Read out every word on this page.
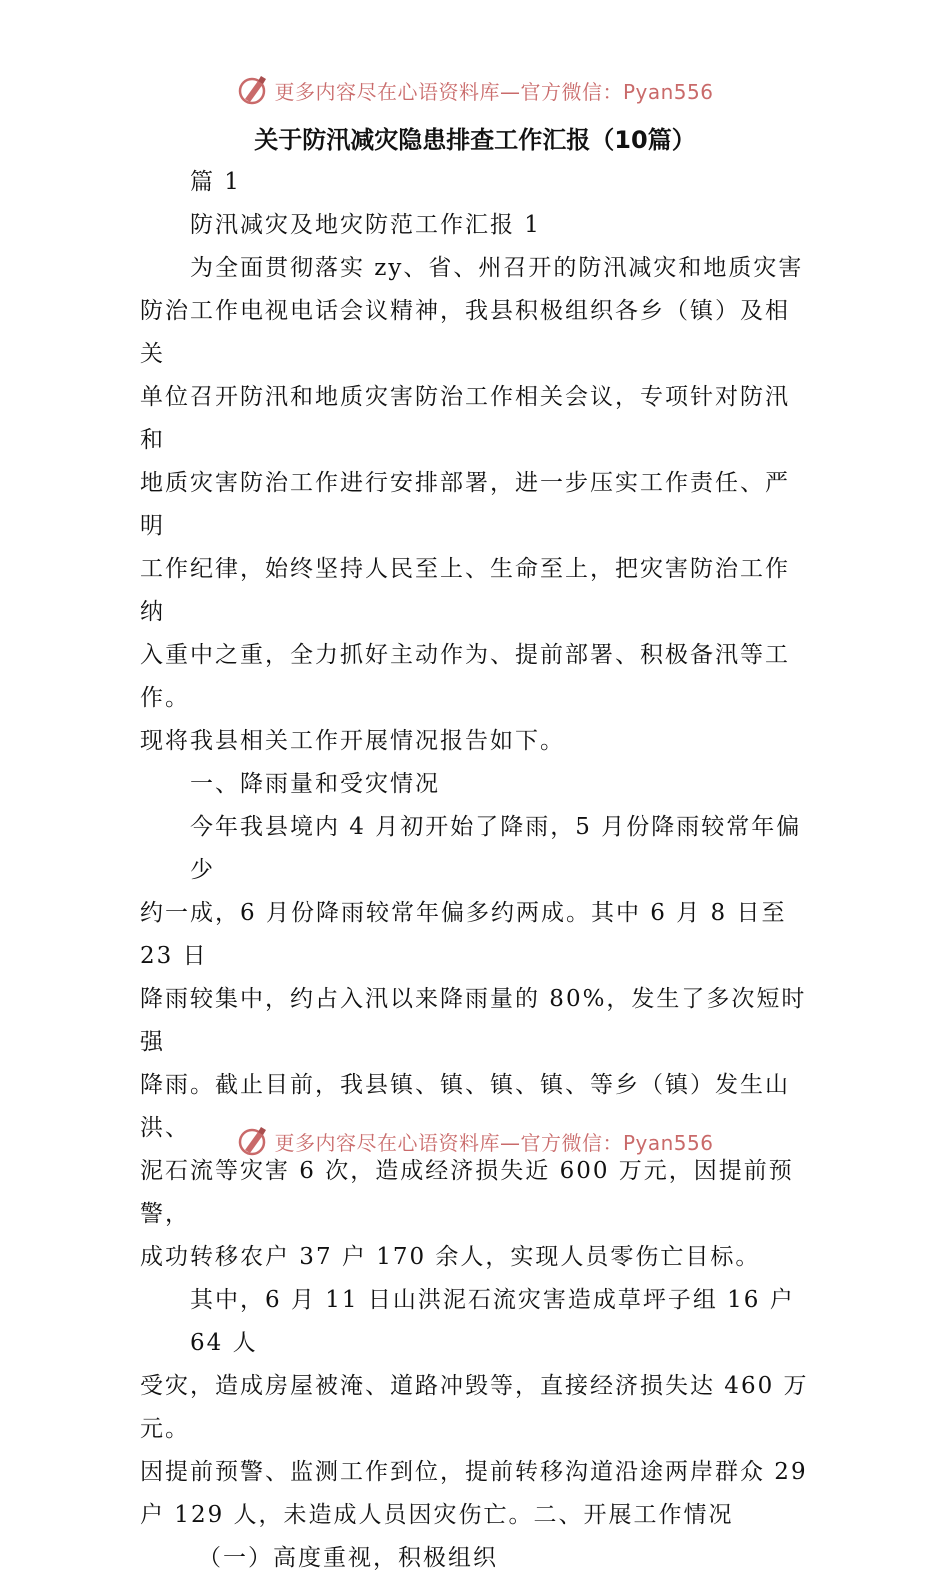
更多内容尽在心语资料库—官方微信：Pyan556
关于防汛减灾隐患排查工作汇报（10篇）

篇 1

防汛减灾及地灾防范工作汇报 1

为全面贯彻落实 zy、省、州召开的防汛减灾和地质灾害

防治工作电视电话会议精神，我县积极组织各乡（镇）及相关

单位召开防汛和地质灾害防治工作相关会议，专项针对防汛和

地质灾害防治工作进行安排部署，进一步压实工作责任、严明

工作纪律，始终坚持人民至上、生命至上，把灾害防治工作纳

入重中之重，全力抓好主动作为、提前部署、积极备汛等工作。

现将我县相关工作开展情况报告如下。

一、降雨量和受灾情况

今年我县境内 4 月初开始了降雨，5 月份降雨较常年偏少

约一成，6 月份降雨较常年偏多约两成。其中 6 月 8 日至 23 日

降雨较集中，约占入汛以来降雨量的 80%，发生了多次短时强

降雨。截止目前，我县镇、镇、镇、镇、等乡（镇）发生山洪、

泥石流等灾害 6 次，造成经济损失近 600 万元，因提前预警，

成功转移农户 37 户 170 余人，实现人员零伤亡目标。

其中，6 月 11 日山洪泥石流灾害造成草坪子组 16 户 64 人

受灾，造成房屋被淹、道路冲毁等，直接经济损失达 460 万元。

因提前预警、监测工作到位，提前转移沟道沿途两岸群众 29

户 129 人，未造成人员因灾伤亡。二、开展工作情况

（一）高度重视，积极组织

更多内容尽在心语资料库—官方微信：Pyan556
